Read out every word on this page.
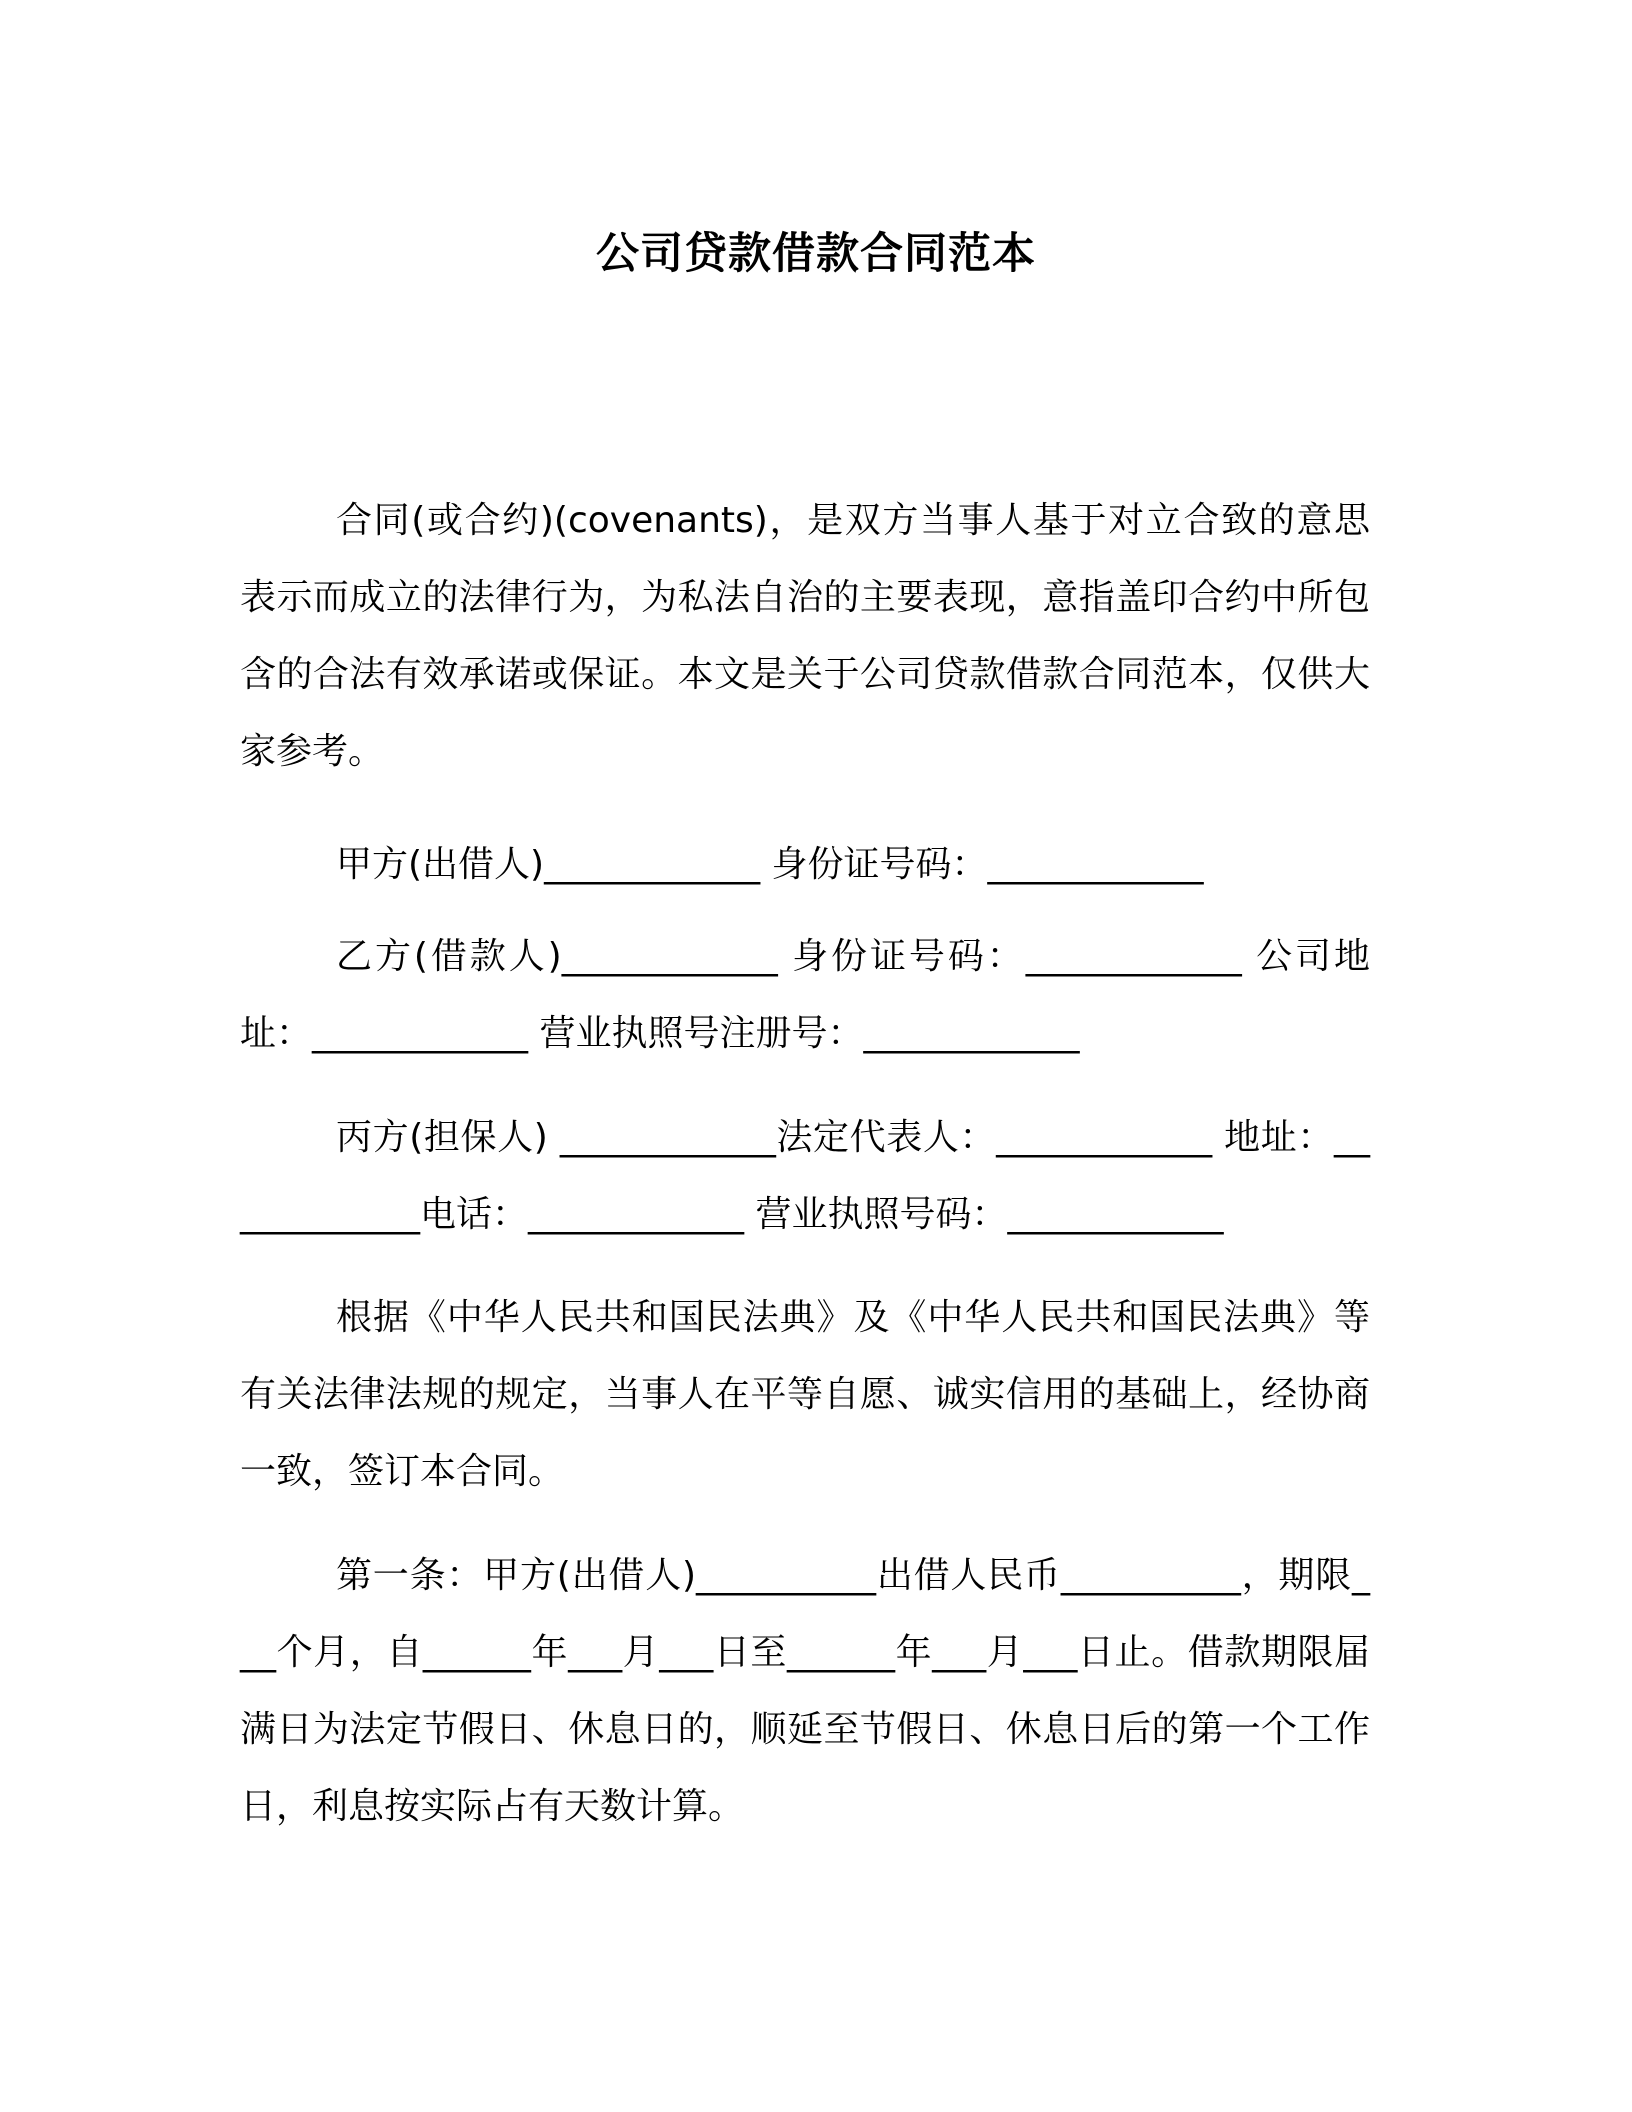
公司贷款借款合同范本

合同(或合约)(covenants)，是双方当事人基于对立合致的意思表示而成立的法律行为，为私法自治的主要表现，意指盖印合约中所包含的合法有效承诺或保证。本文是关于公司贷款借款合同范本，仅供大家参考。

甲方(出借人)____________ 身份证号码：____________

乙方(借款人)____________ 身份证号码：____________ 公司地址：____________ 营业执照号注册号：____________

丙方(担保人) ____________法定代表人：____________ 地址：____________电话：____________ 营业执照号码：____________

根据《中华人民共和国民法典》及《中华人民共和国民法典》等有关法律法规的规定，当事人在平等自愿、诚实信用的基础上，经协商一致，签订本合同。

第一条：甲方(出借人)__________出借人民币__________，期限___个月，自______年___月___日至______年___月___日止。借款期限届满日为法定节假日、休息日的，顺延至节假日、休息日后的第一个工作日，利息按实际占有天数计算。
